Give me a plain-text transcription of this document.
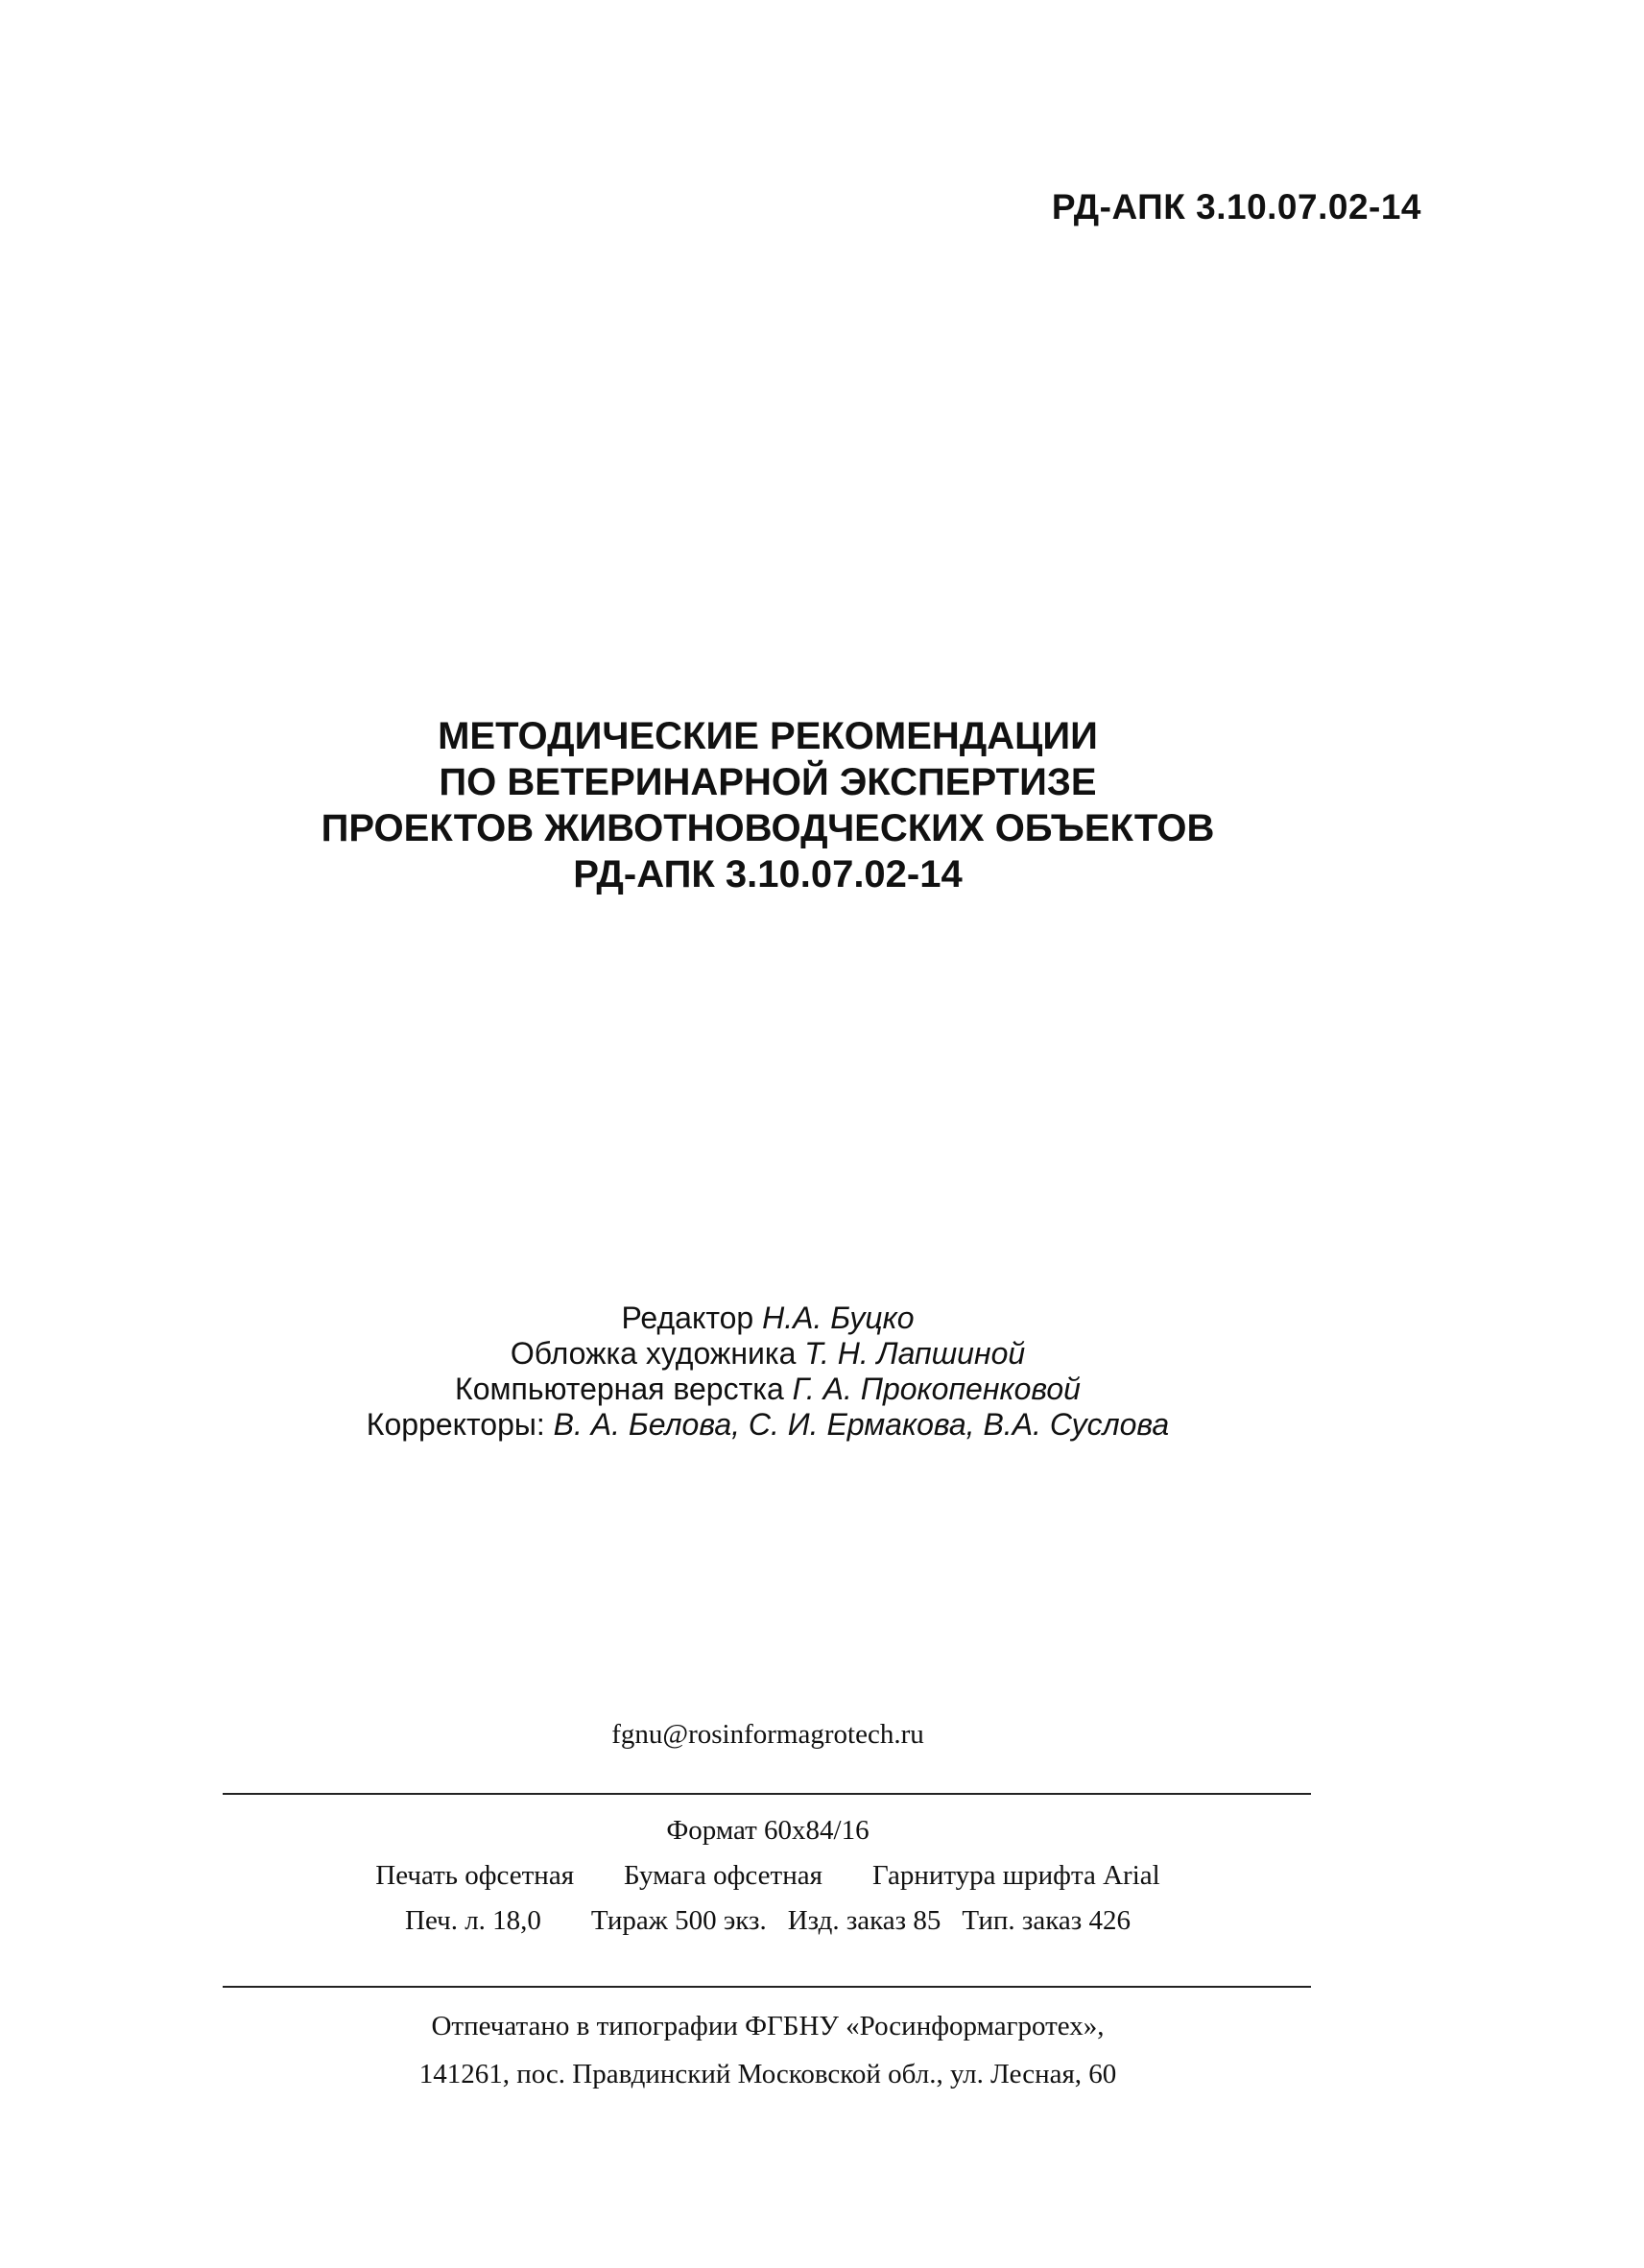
РД-АПК 3.10.07.02-14
МЕТОДИЧЕСКИЕ РЕКОМЕНДАЦИИ
ПО ВЕТЕРИНАРНОЙ ЭКСПЕРТИЗЕ
ПРОЕКТОВ ЖИВОТНОВОДЧЕСКИХ ОБЪЕКТОВ
РД-АПК 3.10.07.02-14
Редактор Н.А. Буцко
Обложка художника Т. Н. Лапшиной
Компьютерная верстка Г. А. Прокопенковой
Корректоры: В. А. Белова, С. И. Ермакова, В.А. Суслова
fgnu@rosinformagrotech.ru
Формат 60х84/16
Печать офсетная Бумага офсетная Гарнитура шрифта Arial
Печ. л. 18,0 Тираж 500 экз. Изд. заказ 85 Тип. заказ 426
Отпечатано в типографии ФГБНУ «Росинформагротех»,
141261, пос. Правдинский Московской обл., ул. Лесная, 60
